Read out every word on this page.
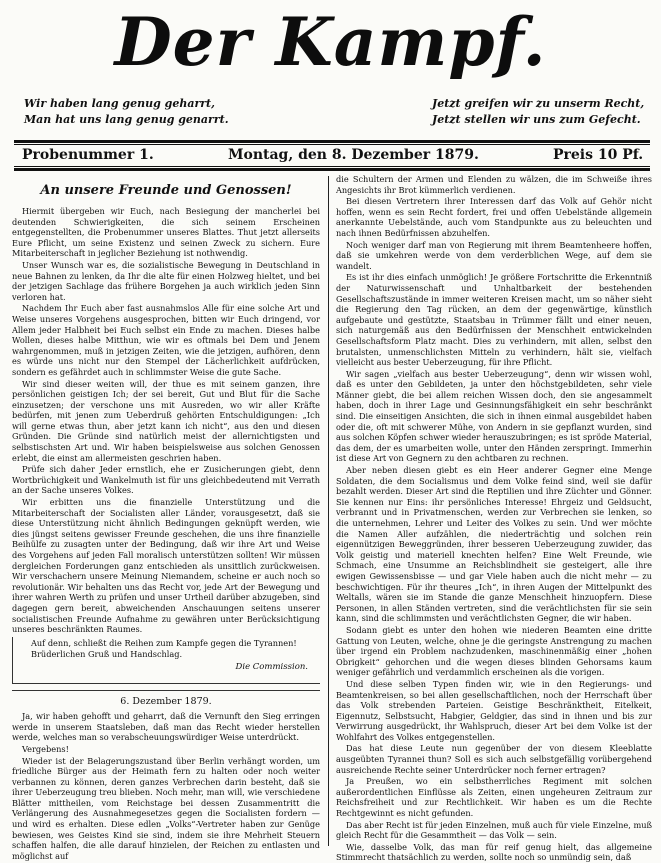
Der Kampf.
Wir haben lang genug geharrt,
Man hat uns lang genug genarrt.
Jetzt greifen wir zu unserm Recht,
Jetzt stellen wir uns zum Gefecht.
Probenummer 1.	Montag, den 8. Dezember 1879.	Preis 10 Pf.
An unsere Freunde und Genossen!

Hiermit übergeben wir Euch, nach Besiegung der mancherlei bei deutenden Schwierigkeiten, die sich seinem Erscheinen entgegenstellten, die Probenummer unseres Blattes. Thut jetzt allerseits Eure Pflicht, um seine Existenz und seinen Zweck zu sichern. Eure Mitarbeiterschaft in jeglicher Beziehung ist nothwendig.

Unser Wunsch war es, die sozialistische Bewegung in Deutschland in neue Bahnen zu lenken, da Ihr die alte für einen Holzweg hieltet, und bei der jetzigen Sachlage das frühere Borgehen ja auch wirklich jeden Sinn verloren hat.

Nachdem Ihr Euch aber fast ausnahmslos Alle für eine solche Art und Weise unseres Vorgehens ausgesprochen, bitten wir Euch dringend, vor Allem jeder Halbheit bei Euch selbst ein Ende zu machen. Dieses halbe Wollen, dieses halbe Mitthun, wie wir es oftmals bei Dem und Jenem wahrgenommen, muß in jetzigen Zeiten, wie die jetzigen, aufhören, denn es würde uns nicht nur den Stempel der Lächerlichkeit aufdrücken, sondern es gefährdet auch in schlimmster Weise die gute Sache.

Wir sind dieser weiten will, der thue es mit seinem ganzen, ihre persönlichen geistigen Ich; der sei bereit, Gut und Blut für die Sache einzusetzen; der verschone uns mit Ausreden, wo wir aller Kräfte bedürfen, mit jenen zum Ueberdruß gehörten Entschuldigungen: „Ich will gerne etwas thun, aber jetzt kann ich nicht“, aus den und diesen Gründen. Die Gründe sind natürlich meist der allernichtigsten und selbstischsten Art und. Wir haben beispielsweise aus solchen Genossen erlebt, die einst am allermeisten geschrien haben.

Prüfe sich daher Jeder ernstlich, ehe er Zusicherungen giebt, denn Wortbrüchigkeit und Wankelmuth ist für uns gleichbedeutend mit Verrath an der Sache unseres Volkes.

Wir erbitten uns die finanzielle Unterstützung und die Mitarbeiterschaft der Socialisten aller Länder, vorausgesetzt, daß sie diese Unterstützung nicht ähnlich Bedingungen geknüpft werden, wie dies jüngst seitens gewisser Freunde geschehen, die uns ihre finanzielle Beihülfe zu zusagten unter der Bedingung, daß wir ihre Art und Weise des Vorgehens auf jeden Fall moralisch unterstützen sollten! Wir müssen dergleichen Forderungen ganz entschieden als unsittlich zurückweisen. Wir verschachern unsere Meinung Niemandem, scheine er auch noch so revolutionär. Wir behalten uns das Recht vor, jede Art der Bewegung und ihrer wahren Werth zu prüfen und unser Urtheil darüber abzugeben, sind dagegen gern bereit, abweichenden Anschauungen seitens unserer socialistischen Freunde Aufnahme zu gewähren unter Berücksichtigung unseres beschränkten Raumes.

Auf denn, schließt die Reihen zum Kampfe gegen die Tyrannen!

Brüderlichen Gruß und Handschlag.

Die Commission.
6. Dezember 1879.

Ja, wir haben gehofft und geharrt, daß die Vernunft den Sieg erringen werde in unserem Staatsleben, daß man das Recht wieder herstellen werde, welches man so verabscheuungswürdiger Weise unterdrückt.

Vergebens!

Wieder ist der Belagerungszustand über Berlin verhängt worden, um friedliche Bürger aus der Heimath fern zu halten oder noch weiter verbannen zu können, deren ganzes Verbrechen darin besteht, daß sie ihrer Ueberzeugung treu blieben. Noch mehr, man will, wie verschiedene Blätter mittheilen, vom Reichstage bei dessen Zusammentritt die Verlängerung des Ausnahmegesetzes gegen die Socialisten fordern — und wird es erhalten. Diese edlen „Volks“-Vertreter haben zur Genüge bewiesen, wes Geistes Kind sie sind, indem sie ihre Mehrheit Steuern schaffen halfen, die alle darauf hinzielen, der Reichen zu entlasten und möglichst auf

die Schultern der Armen und Elenden zu wälzen, die im Schweiße ihres Angesichts ihr Brot kümmerlich verdienen.

Bei diesen Vertretern ihrer Interessen darf das Volk auf Gehör nicht hoffen, wenn es sein Recht fordert, frei und offen Uebelstände allgemein anerkannte Uebelstände, auch vom Standpunkte aus zu beleuchten und nach ihnen Bedürfnissen abzuhelfen.

Noch weniger darf man von Regierung mit ihrem Beamtenheere hoffen, daß sie umkehren werde von dem verderblichen Wege, auf dem sie wandelt.

Es ist ihr dies einfach unmöglich! Je größere Fortschritte die Erkenntniß der Naturwissenschaft und Unhaltbarkeit der bestehenden Gesellschaftszustände in immer weiteren Kreisen macht, um so näher sieht die Regierung den Tag rücken, an dem der gegenwärtige, künstlich aufgebaute und gestützte, Staatsbau in Trümmer fällt und einer neuen, sich naturgemäß aus den Bedürfnissen der Menschheit entwickelnden Gesellschaftsform Platz macht. Dies zu verhindern, mit allen, selbst den brutalsten, unmenschlichsten Mitteln zu verhindern, hält sie, vielfach vielleicht aus bester Ueberzeugung, für ihre Pflicht.

Wir sagen „vielfach aus bester Ueberzeugung“, denn wir wissen wohl, daß es unter den Gebildeten, ja unter den höchstgebildeten, sehr viele Männer giebt, die bei allem reichen Wissen doch, den sie angesammelt haben, doch in ihrer Lage und Gesinnungsfähigkeit ein sehr beschränkt sind. Die einseitigen Ansichten, die sich in ihnen einmal ausgebildet haben oder die, oft mit schwerer Mühe, von Andern in sie gepflanzt wurden, sind aus solchen Köpfen schwer wieder herauszubringen; es ist spröde Material, das dem, der es umarbeiten wolle, unter den Händen zerspringt. Immerhin ist diese Art von Gegnern zu den achtbaren zu rechnen.

Aber neben diesen giebt es ein Heer anderer Gegner eine Menge Soldaten, die dem Socialismus und dem Volke feind sind, weil sie dafür bezahlt werden. Dieser Art sind die Reptilien und ihre Züchter und Gönner. Sie kennen nur Eins: ihr persönliches Interesse! Ehrgeiz und Geldsucht, verbrannt und in Privatmenschen, werden zur Verbrechen sie lenken, so die unternehmen, Lehrer und Leiter des Volkes zu sein. Und wer möchte die Namen Aller aufzählen, die niederträchtig und solchen rein eigennützigen Beweggründen, ihrer besseren Ueberzeugung zuwider, das Volk geistig und materiell knechten helfen? Eine Welt Freunde, wie Schmach, eine Unsumme an Reichsblindheit sie gesteigert, alle ihre ewigen Gewissensbisse — und gar Viele haben auch die nicht mehr — zu beschwichtigen. Für ihr theures „Ich“, in ihren Augen der Mittelpunkt des Weltalls, wären sie im Stande die ganze Menschheit hinzuopfern. Diese Personen, in allen Ständen vertreten, sind die verächtlichsten für sie sein kann, sind die schlimmsten und verächtlichsten Gegner, die wir haben.

Sodann giebt es unter den hohen wie niederen Beamten eine dritte Gattung von Leuten, welche, ohne je die geringste Anstrengung zu machen über irgend ein Problem nachzudenken, maschinenmäßig einer „hohen Obrigkeit“ gehorchen und die wegen dieses blinden Gehorsams kaum weniger gefährlich und verdammlich erscheinen als die vorigen.

Und diese selben Typen finden wir, wie in den Regierungs- und Beamtenkreisen, so bei allen gesellschaftlichen, noch der Herrschaft über das Volk strebenden Parteien. Geistige Beschränktheit, Eitelkeit, Eigennutz, Selbstsucht, Habgier, Geldgier, das sind in ihnen und bis zur Verwirrung ausgedrückt, ihr Wahlspruch, dieser Art bei dem Volke ist der Wohlfahrt des Volkes entgegenstellen.

Das hat diese Leute nun gegenüber der von diesem Kleeblatte ausgeübten Tyrannei thun? Soll es sich auch selbstgefällig vorübergehend ausreichende Rechte seiner Unterdrücker noch ferner ertragen?

Ja Preußen, wo ein selbstherrliches Regiment mit solchen außerordentlichen Einflüsse als Zeiten, einen ungeheuren Zeitraum zur Reichsfreiheit und zur Rechtlichkeit. Wir haben es um die Rechte Rechtgewinnt es nicht gefunden.

Das aber Recht ist für jeden Einzelnen, muß auch für viele Einzelne, muß gleich Recht für die Gesammtheit — das Volk — sein.

Wie, dasselbe Volk, das man für reif genug hielt, das allgemeine Stimmrecht thatsächlich zu werden, sollte noch so unmündig sein, daß
